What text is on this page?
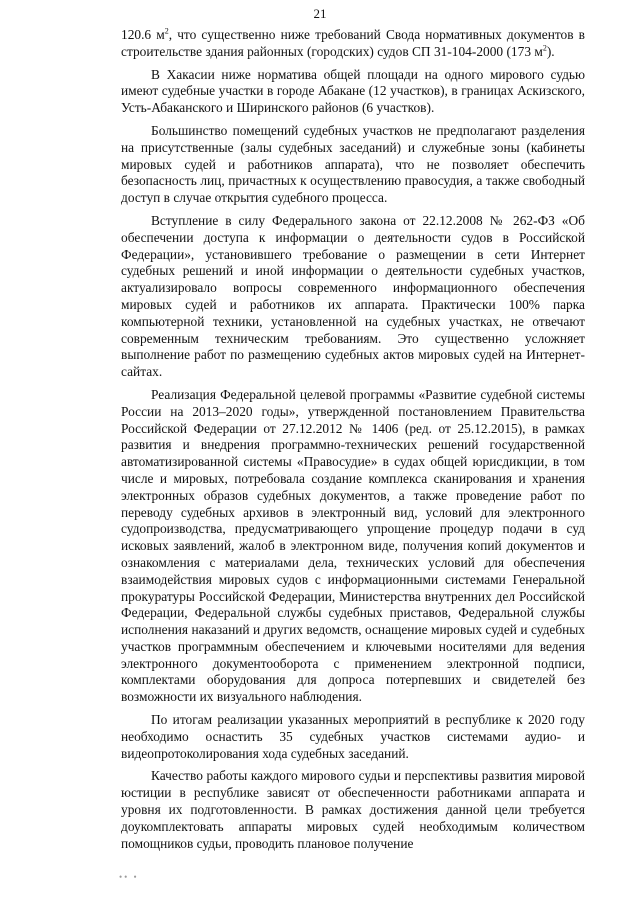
21

120.6 $м^2$, что существенно ниже требований Свода нормативных документов в строительстве здания районных (городских) судов СП 31-104-2000 (173 $м^2$).

В Хакасии ниже норматива общей площади на одного мирового судью имеют судебные участки в городе Абакане (12 участков), в границах Аскизского, Усть-Абаканского и Ширинского районов (6 участков).

Большинство помещений судебных участков не предполагают разделения на присутственные (залы судебных заседаний) и служебные зоны (кабинеты мировых судей и работников аппарата), что не позволяет обеспечить безопасность лиц, причастных к осуществлению правосудия, а также свободный доступ в случае открытия судебного процесса.

Вступление в силу Федерального закона от 22.12.2008 № 262-ФЗ «Об обеспечении доступа к информации о деятельности судов в Российской Федерации», установившего требование о размещении в сети Интернет судебных решений и иной информации о деятельности судебных участков, актуализировало вопросы современного информационного обеспечения мировых судей и работников их аппарата. Практически 100% парка компьютерной техники, установленной на судебных участках, не отвечают современным техническим требованиям. Это существенно усложняет выполнение работ по размещению судебных актов мировых судей на Интернет-сайтах.

Реализация Федеральной целевой программы «Развитие судебной системы России на 2013–2020 годы», утвержденной постановлением Правительства Российской Федерации от 27.12.2012 № 1406 (ред. от 25.12.2015), в рамках развития и внедрения программно-технических решений государственной автоматизированной системы «Правосудие» в судах общей юрисдикции, в том числе и мировых, потребовала создание комплекса сканирования и хранения электронных образов судебных документов, а также проведение работ по переводу судебных архивов в электронный вид, условий для электронного судопроизводства, предусматривающего упрощение процедур подачи в суд исковых заявлений, жалоб в электронном виде, получения копий документов и ознакомления с материалами дела, технических условий для обеспечения взаимодействия мировых судов с информационными системами Генеральной прокуратуры Российской Федерации, Министерства внутренних дел Российской Федерации, Федеральной службы судебных приставов, Федеральной службы исполнения наказаний и других ведомств, оснащение мировых судей и судебных участков программным обеспечением и ключевыми носителями для ведения электронного документооборота с применением электронной подписи, комплектами оборудования для допроса потерпевших и свидетелей без возможности их визуального наблюдения.

По итогам реализации указанных мероприятий в республике к 2020 году необходимо оснастить 35 судебных участков системами аудио- и видеопротоколирования хода судебных заседаний.

Качество работы каждого мирового судьи и перспективы развития мировой юстиции в республике зависят от обеспеченности работниками аппарата и уровня их подготовленности. В рамках достижения данной цели требуется доукомплектовать аппараты мировых судей необходимым количеством помощников судьи, проводить плановое получение

•• •
